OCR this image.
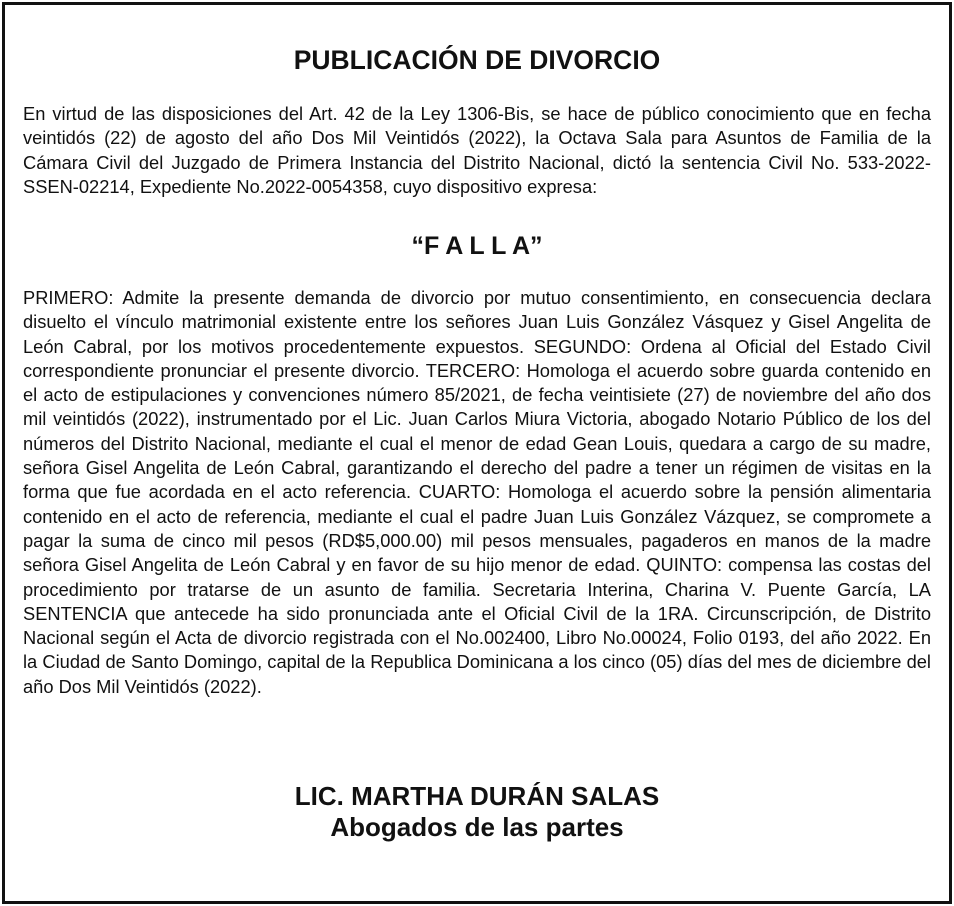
PUBLICACIÓN DE DIVORCIO

En virtud de las disposiciones del Art. 42 de la Ley 1306-Bis, se hace de público conocimiento que en fecha veintidós (22) de agosto del año Dos Mil Veintidós (2022), la Octava Sala para Asuntos de Familia de la Cámara Civil del Juzgado de Primera Instancia del Distrito Nacional, dictó la sentencia Civil No. 533-2022-SSEN-02214, Expediente No.2022-0054358, cuyo dispositivo expresa:

“F A L L A”

PRIMERO: Admite la presente demanda de divorcio por mutuo consentimiento, en consecuencia declara disuelto el vínculo matrimonial existente entre los señores Juan Luis González Vásquez y Gisel Angelita de León Cabral, por los motivos procedentemente expuestos. SEGUNDO: Ordena al Oficial del Estado Civil correspondiente pronunciar el presente divorcio. TERCERO: Homologa el acuerdo sobre guarda contenido en el acto de estipulaciones y convenciones número 85/2021, de fecha veintisiete (27) de noviembre del año dos mil veintidós (2022), instrumentado por el Lic. Juan Carlos Miura Victoria, abogado Notario Público de los del números del Distrito Nacional, mediante el cual el menor de edad Gean Louis, quedara a cargo de su madre, señora Gisel Angelita de León Cabral, garantizando el derecho del padre a tener un régimen de visitas en la forma que fue acordada en el acto referencia. CUARTO: Homologa el acuerdo sobre la pensión alimentaria contenido en el acto de referencia, mediante el cual el padre Juan Luis González Vázquez, se compromete a pagar la suma de cinco mil pesos (RD$5,000.00) mil pesos mensuales, pagaderos en manos de la madre señora Gisel Angelita de León Cabral y en favor de su hijo menor de edad. QUINTO: compensa las costas del procedimiento por tratarse de un asunto de familia. Secretaria Interina, Charina V. Puente García, LA SENTENCIA que antecede ha sido pronunciada ante el Oficial Civil de la 1RA. Circunscripción, de Distrito Nacional según el Acta de divorcio registrada con el No.002400, Libro No.00024, Folio 0193, del año 2022. En la Ciudad de Santo Domingo, capital de la Republica Dominicana a los cinco (05) días del mes de diciembre del año Dos Mil Veintidós (2022).

LIC. MARTHA DURÁN SALAS
Abogados de las partes
